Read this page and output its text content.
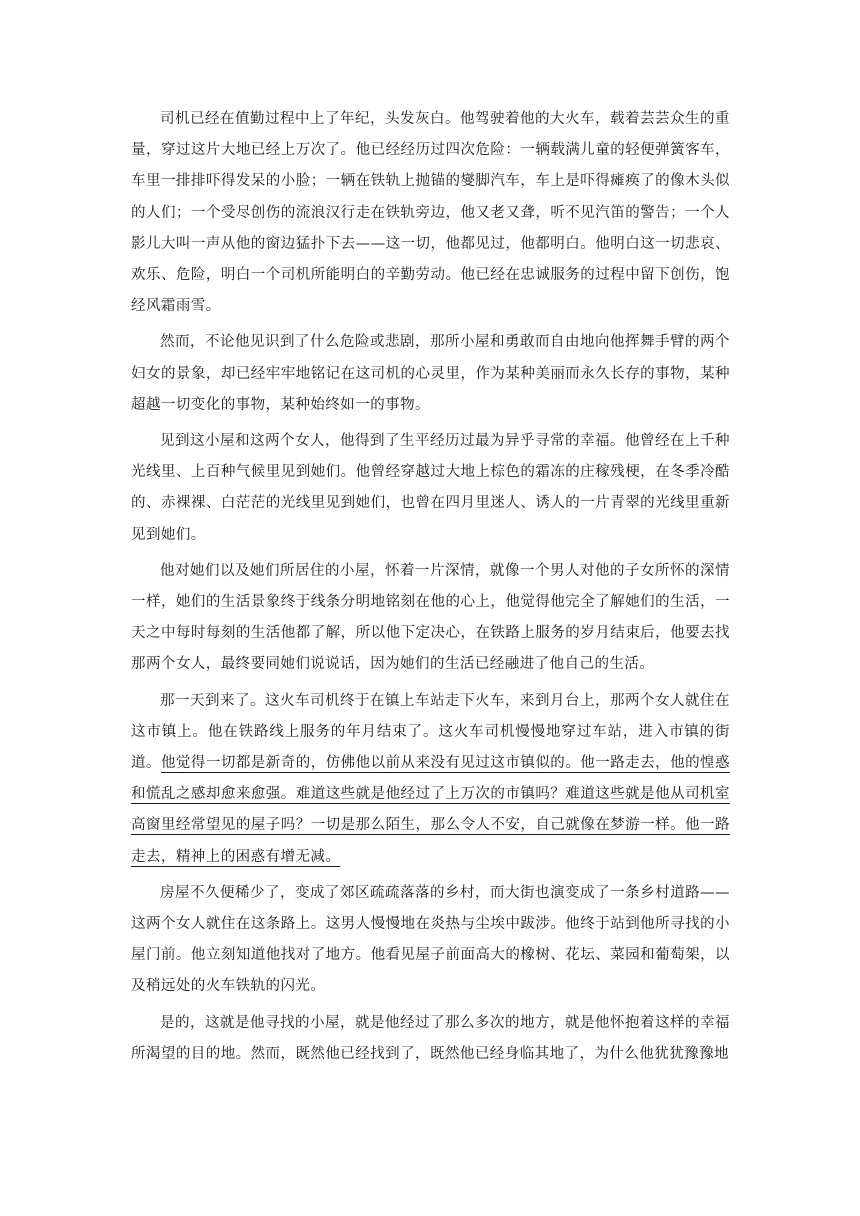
司机已经在值勤过程中上了年纪，头发灰白。他驾驶着他的大火车，载着芸芸众生的重量，穿过这片大地已经上万次了。他已经经历过四次危险：一辆载满儿童的轻便弹簧客车，车里一排排吓得发呆的小脸；一辆在铁轨上抛锚的燮脚汽车，车上是吓得瘫痪了的像木头似的人们；一个受尽创伤的流浪汉行走在铁轨旁边，他又老又聋，听不见汽笛的警告；一个人影儿大叫一声从他的窗边猛扑下去——这一切，他都见过，他都明白。他明白这一切悲哀、欢乐、危险，明白一个司机所能明白的辛勤劳动。他已经在忠诚服务的过程中留下创伤，饱经风霜雨雪。

然而，不论他见识到了什么危险或悲剧，那所小屋和勇敢而自由地向他挥舞手臂的两个妇女的景象，却已经牢牢地铭记在这司机的心灵里，作为某种美丽而永久长存的事物，某种超越一切变化的事物，某种始终如一的事物。

见到这小屋和这两个女人，他得到了生平经历过最为异乎寻常的幸福。他曾经在上千种光线里、上百种气候里见到她们。他曾经穿越过大地上棕色的霜冻的庄稼残梗，在冬季冷酷的、赤裸裸、白茫茫的光线里见到她们，也曾在四月里迷人、诱人的一片青翠的光线里重新见到她们。

他对她们以及她们所居住的小屋，怀着一片深情，就像一个男人对他的子女所怀的深情一样，她们的生活景象终于线条分明地铭刻在他的心上，他觉得他完全了解她们的生活，一天之中每时每刻的生活他都了解，所以他下定决心，在铁路上服务的岁月结束后，他要去找那两个女人，最终要同她们说说话，因为她们的生活已经融进了他自己的生活。

那一天到来了。这火车司机终于在镇上车站走下火车，来到月台上，那两个女人就住在这市镇上。他在铁路线上服务的年月结束了。这火车司机慢慢地穿过车站，进入市镇的街道。他觉得一切都是新奇的，仿佛他以前从来没有见过这市镇似的。他一路走去，他的惶惑和慌乱之感却愈来愈强。难道这些就是他经过了上万次的市镇吗？难道这些就是他从司机室高窗里经常望见的屋子吗？一切是那么陌生，那么令人不安，自己就像在梦游一样。他一路走去，精神上的困惑有增无减。

房屋不久便稀少了，变成了郊区疏疏落落的乡村，而大街也演变成了一条乡村道路——这两个女人就住在这条路上。这男人慢慢地在炎热与尘埃中跋涉。他终于站到他所寻找的小屋门前。他立刻知道他找对了地方。他看见屋子前面高大的橡树、花坛、菜园和葡萄架，以及稍远处的火车铁轨的闪光。

是的，这就是他寻找的小屋，就是他经过了那么多次的地方，就是他怀抱着这样的幸福所渴望的目的地。然而，既然他已经找到了，既然他已经身临其地了，为什么他犹犹豫豫地
